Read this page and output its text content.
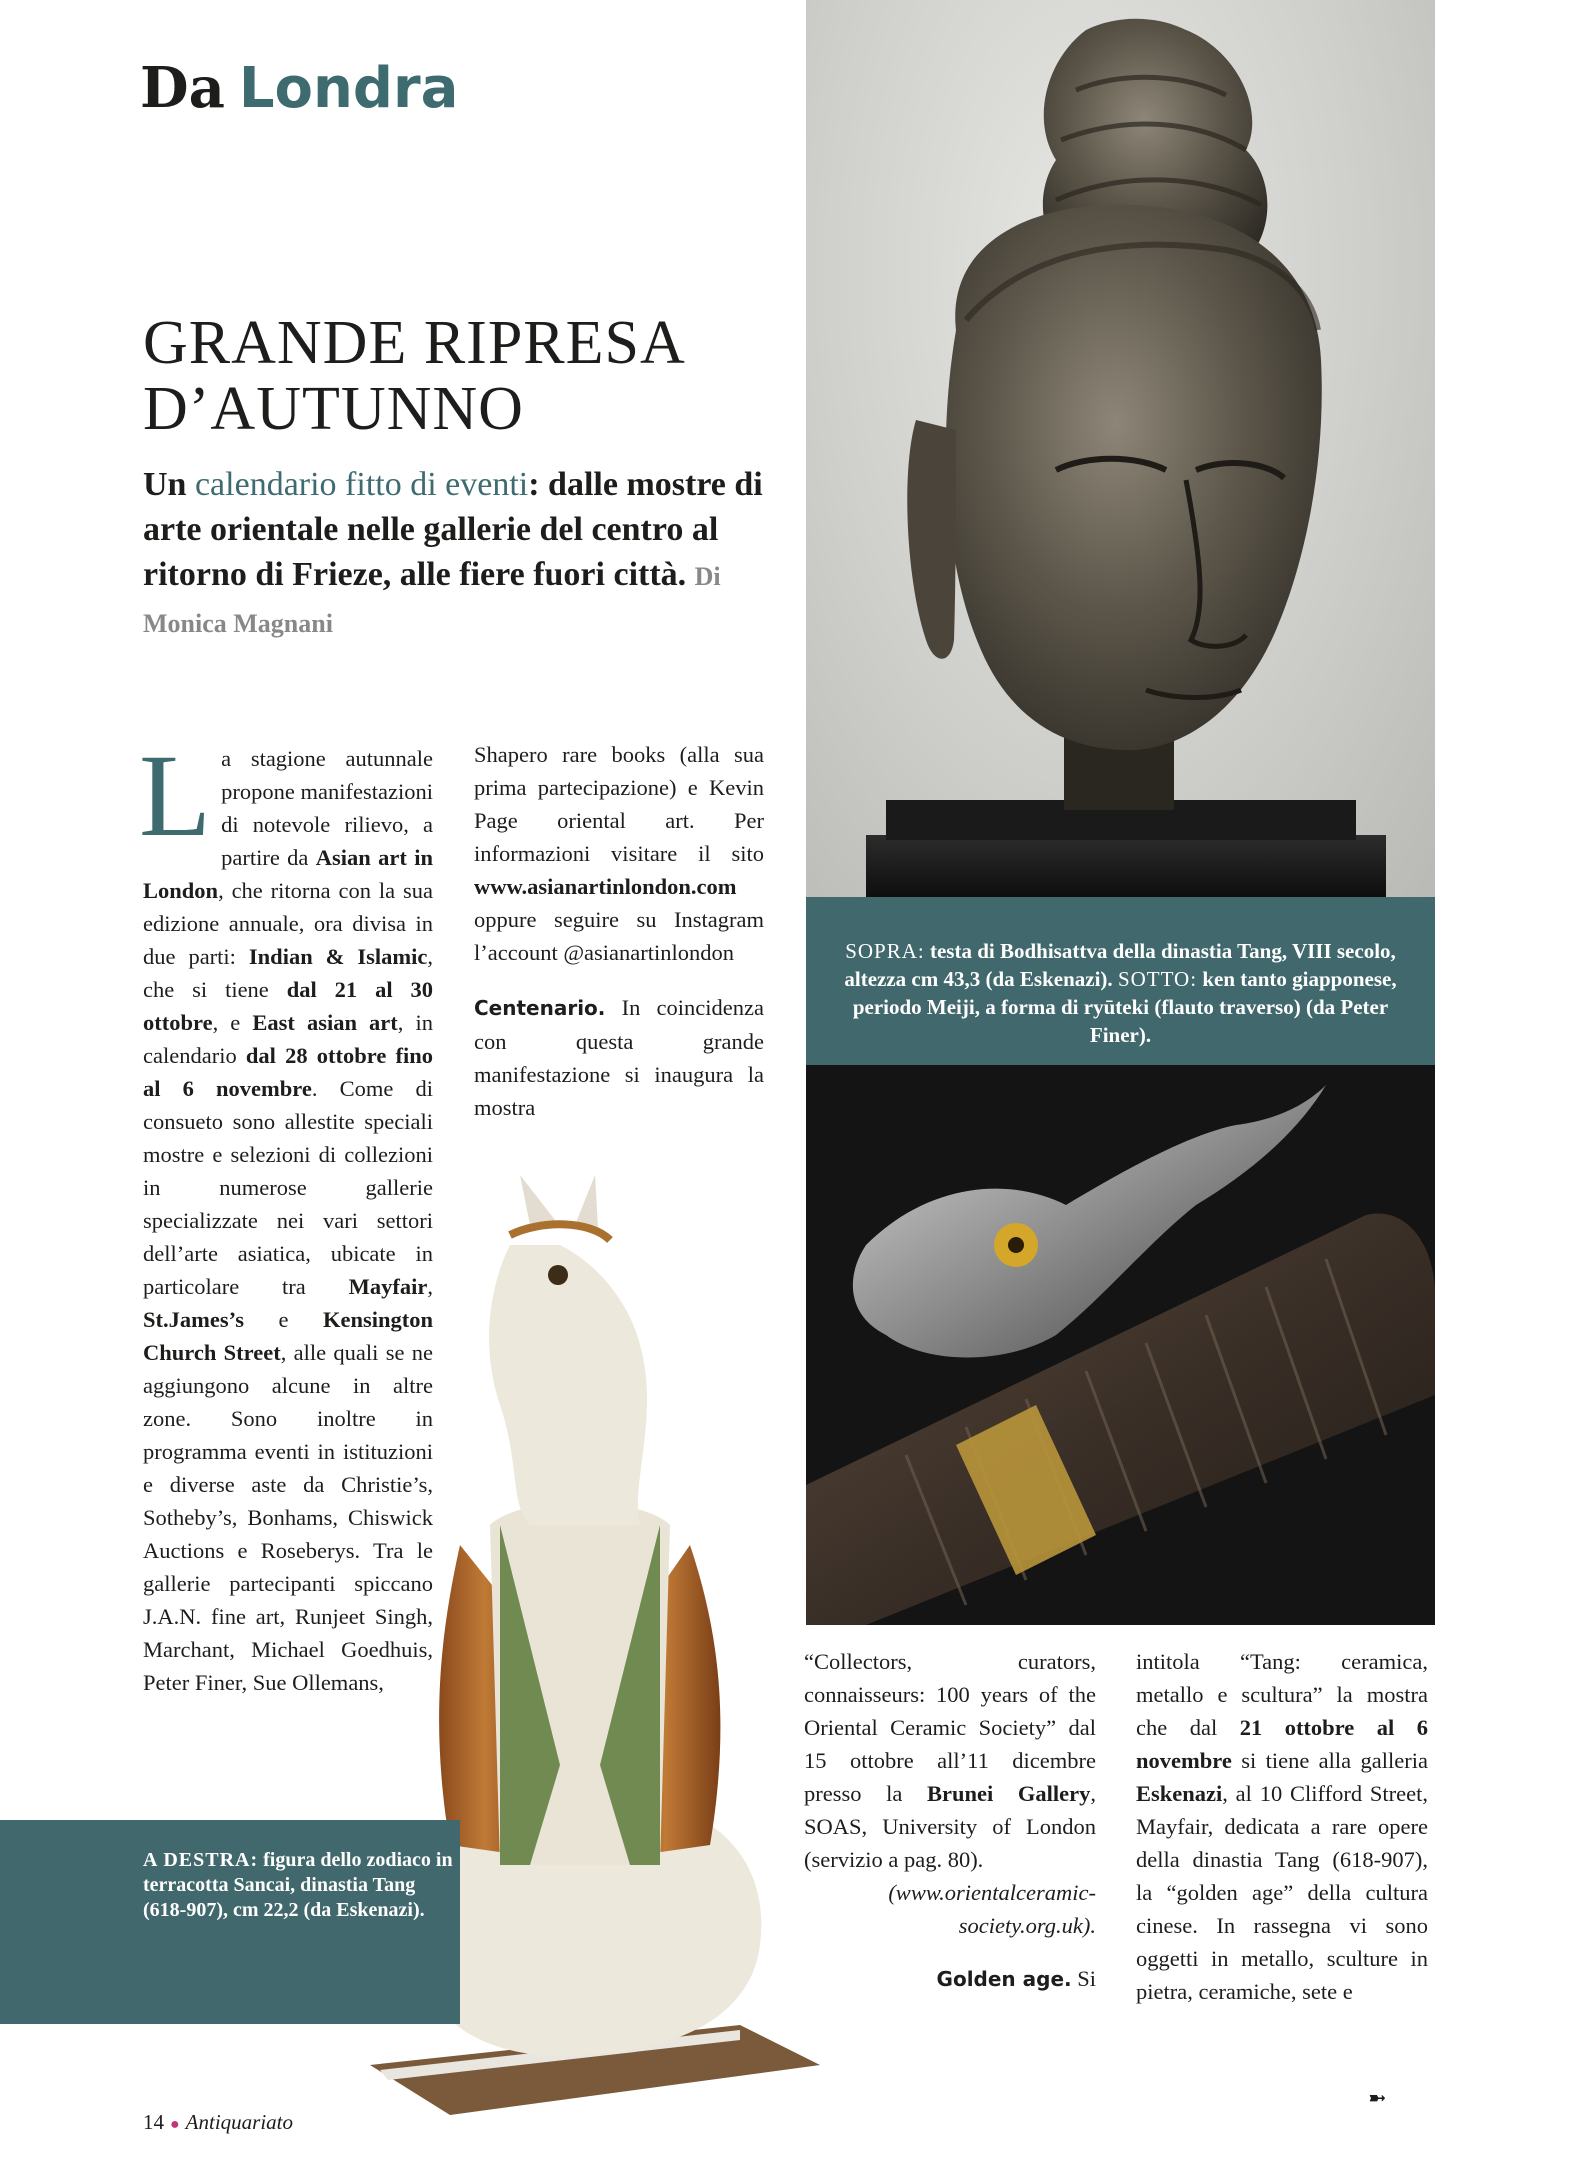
Da Londra
GRANDE RIPRESA
D’AUTUNNO
Un calendario fitto di eventi: dalle mostre di arte orientale nelle gallerie del centro al ritorno di Frieze, alle fiere fuori città. Di Monica Magnani
L a stagione autunnale propone manifestazioni di notevole rilievo, a partire da Asian art in London, che ritorna con la sua edizione annuale, ora divisa in due parti: Indian & Islamic, che si tiene dal 21 al 30 ottobre, e East asian art, in calendario dal 28 ottobre fino al 6 novembre. Come di consueto sono allestite speciali mostre e selezioni di collezioni in numerose gallerie specializzate nei vari settori dell’arte asiatica, ubicate in particolare tra Mayfair, St.James’s e Kensington Church Street, alle quali se ne aggiungono alcune in altre zone. Sono inoltre in programma eventi in istituzioni e diverse aste da Christie’s, Sotheby’s, Bonhams, Chiswick Auctions e Roseberys. Tra le gallerie partecipanti spiccano J.A.N. fine art, Runjeet Singh, Marchant, Michael Goedhuis, Peter Finer, Sue Ollemans,

Shapero rare books (alla sua prima partecipazione) e Kevin Page oriental art. Per informazioni visitare il sito www.asianartinlondon.com oppure seguire su Instagram l’account @asianartinlondon

Centenario. In coincidenza con questa grande manifestazione si inaugura la mostra

“Collectors, curators, connaisseurs: 100 years of the Oriental Ceramic Society” dal 15 ottobre all’11 dicembre presso la Brunei Gallery, SOAS, University of London (servizio a pag. 80).

(www.orientalceramic-society.org.uk).

Golden age. Si

intitola “Tang: ceramica, metallo e scultura” la mostra che dal 21 ottobre al 6 novembre si tiene alla galleria Eskenazi, al 10 Clifford Street, Mayfair, dedicata a rare opere della dinastia Tang (618-907), la “golden age” della cultura cinese. In rassegna vi sono oggetti in metallo, sculture in pietra, ceramiche, sete e
SOPRA: testa di Bodhisattva della dinastia Tang, VIII secolo, altezza cm 43,3 (da Eskenazi). SOTTO: ken tanto giapponese, periodo Meiji, a forma di ryūteki (flauto traverso) (da Peter Finer).
A DESTRA: figura dello zodiaco in terracotta Sancai, dinastia Tang (618-907), cm 22,2 (da Eskenazi).
➼
14 ● Antiquariato
